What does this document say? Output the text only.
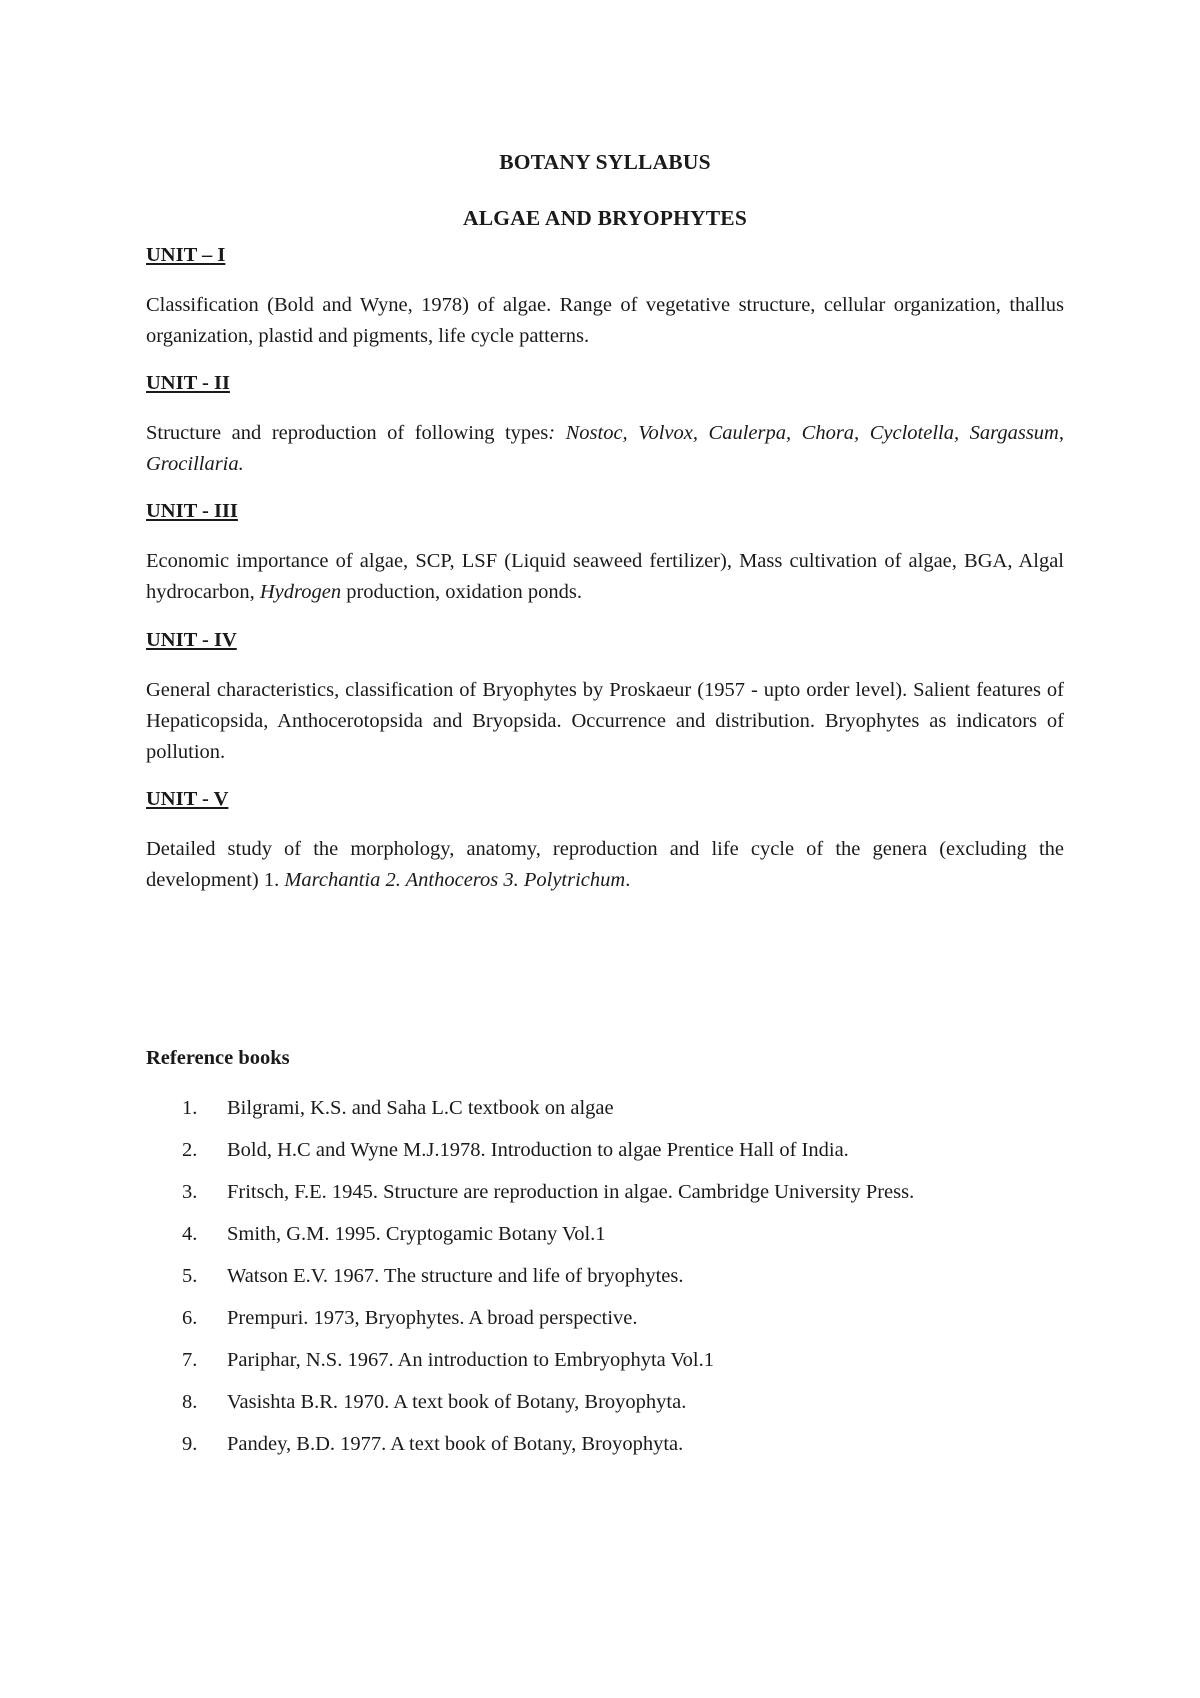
BOTANY SYLLABUS
ALGAE AND BRYOPHYTES

UNIT – I

Classification (Bold and Wyne, 1978) of algae. Range of vegetative structure, cellular organization, thallus organization, plastid and pigments, life cycle patterns.

UNIT - II

Structure and reproduction of following types: Nostoc, Volvox, Caulerpa, Chora, Cyclotella, Sargassum, Grocillaria.

UNIT - III

Economic importance of algae, SCP, LSF (Liquid seaweed fertilizer), Mass cultivation of algae, BGA, Algal hydrocarbon, Hydrogen production, oxidation ponds.

UNIT - IV

General characteristics, classification of Bryophytes by Proskaeur (1957 - upto order level). Salient features of Hepaticopsida, Anthocerotopsida and Bryopsida. Occurrence and distribution. Bryophytes as indicators of pollution.

UNIT - V

Detailed study of the morphology, anatomy, reproduction and life cycle of the genera (excluding the development) 1. Marchantia 2. Anthoceros 3. Polytrichum.

Reference books

1.	Bilgrami, K.S. and Saha L.C textbook on algae
2.	Bold, H.C and Wyne M.J.1978. Introduction to algae Prentice Hall of India.
3.	Fritsch, F.E. 1945. Structure are reproduction in algae. Cambridge University Press.
4.	Smith, G.M. 1995. Cryptogamic Botany Vol.1
5.	Watson E.V. 1967. The structure and life of bryophytes.
6.	Prempuri. 1973, Bryophytes. A broad perspective.
7.	Pariphar, N.S. 1967. An introduction to Embryophyta Vol.1
8.	Vasishta B.R. 1970. A text book of Botany, Broyophyta.
9.	Pandey, B.D. 1977. A text book of Botany, Broyophyta.
